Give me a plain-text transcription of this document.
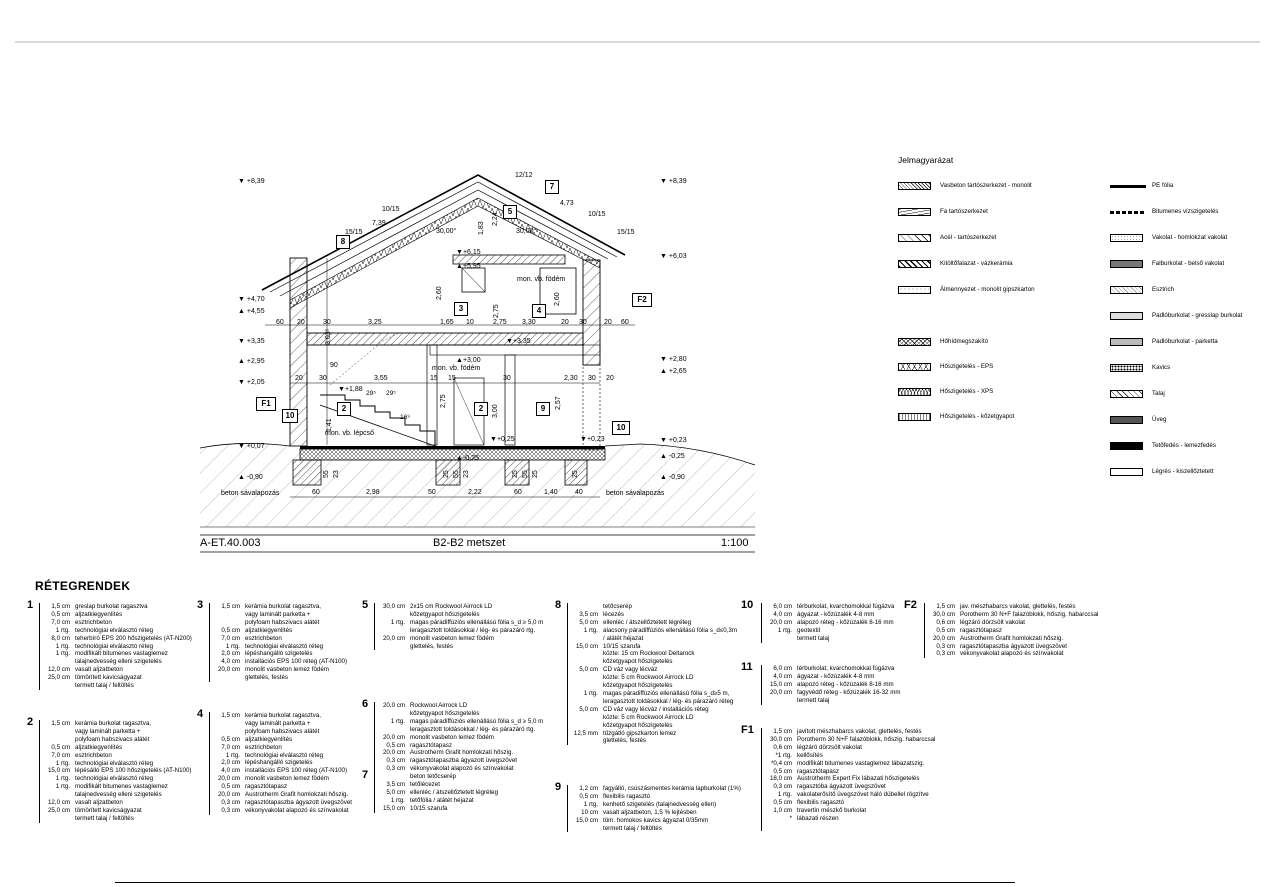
▼ +8,39
▼ +4,70
▲ +4,55
▼ +3,35
▲ +2,95
▼ +2,05
▼ +0,07
▲ -0,90
▼ +8,39
▼ +6,03
▼ +2,80
▲ +2,65
▼ +0,23
▲ -0,25
▲ -0,90
▼+6,15
▲+5,95
▼+3,35
▲+3,00
▼+1,88
▼+0,25	▼+0,23
▲-0,25
8
7
5
3	4
F2
F1
10
2	2	9
10
30,00°	30,00°
12/12
10/15
10/15
15/15	15/15
7,39
4,73
60 20	30	3,25	1,65 10	2,75 3,30	20 30 20 60
20 30	3,55	15 15	30	2,30 30 20
60	2,98	50	2,22	60	1,40 40
29⁵ 29⁵
16⁹
3,03⁵
90
1,41
2,75
3,00
2,57
2,75
2,60	2,60
2,24
1,83
55 23	25 55 23	25 55 25	25
mon. vb. födém
mon. vb. födém
mon. vb. lépcső
beton sávalapozás	beton sávalapozás
A-ET.40.003	B2-B2 metszet	1:100
Jelmagyarázat
Vasbeton tartószerkezet - monolit
Fa tartószerkezet
Acél - tartószerkezet
Kitöltőfalazat - vázkerámia
Álmennyezet - monolit gipszkarton
Hőhídmegszakító
Hőszigetelés - EPS
Hőszigetelés - XPS
Hőszigetelés - kőzetgyapot
PE fólia
Bitumenes vízszigetelés
Vakolat - homlokzat vakolat
Falburkolat - belső vakolat
Esztrich
Padlóburkolat - gresslap burkolat
Padlóburkolat - parketta
Kavics
Talaj
Üveg
Tetőfedés - lemezfedés
Légrés - kiszellőztetett
RÉTEGRENDEK
1	1,5 cm greslap burkolat ragasztva
0,5 cm aljzatkiegyenlítés
7,0 cm esztrichbeton
1 rtg. technológiai elválasztó réteg
8,0 cm teherbíró EPS 200 hőszigetelés (AT-N200)
1 rtg. technológiai elválasztó réteg
1 rtg. modifikált bitumenes vastaglemez
talajnedvesség elleni szigetelés
12,0 cm vasalt aljzatbeton
25,0 cm tömörített kavicságyazat
termett talaj / feltöltés
2	1,5 cm kerámia burkolat ragasztva,
vagy laminált parketta +
polyfoam habszivacs alátét
0,5 cm aljzatkiegyenlítés
7,0 cm esztrichbeton
1 rtg. technológiai elválasztó réteg
15,0 cm lépésálló EPS 100 hőszigetelés (AT-N100)
1 rtg. technológiai elválasztó réteg
1 rtg. modifikált bitumenes vastaglemez
talajnedvesség elleni szigetelés
12,0 cm vasalt aljzatbeton
25,0 cm tömörített kavicságyazat
termett talaj / feltöltés
3	1,5 cm kerámia burkolat ragasztva,
vagy laminált parketta +
polyfoam habszivacs alátét
0,5 cm aljzatkiegyenlítés
7,0 cm esztrichbeton
1 rtg. technológiai elválasztó réteg
2,0 cm lépéshangálló szigetelés
4,0 cm installációs EPS 100 réteg (AT-N100)
20,0 cm monolit vasbeton lemez födém
glettelés, festés
4	1,5 cm kerámia burkolat ragasztva,
vagy laminált parketta +
polyfoam habszivacs alátét
0,5 cm aljzatkiegyenlítés
7,0 cm esztrichbeton
1 rtg. technológiai elválasztó réteg
2,0 cm lépéshangálló szigetelés
4,0 cm installációs EPS 100 réteg (AT-N100)
20,0 cm monolit vasbeton lemez födém
0,5 cm ragasztótapasz
20,0 cm Austrotherm Grafit homlokzati hőszig.
0,3 cm ragasztótapaszba ágyazott üvegszövet
0,3 cm vékonyvakolat alapozó és színvakolat
5	30,0 cm 2x15 cm Rockwool Airrock LD
kőzetgyapot hőszigetelés
1 rtg. magas páradiffúziós ellenállású fólia s_d ≥ 5,0 m
leragasztott toldásokkal / lég- és párazáró rtg.
20,0 cm monolit vasbeton lemez födém
glettelés, festés
6	20,0 cm Rockwool Airrock LD
kőzetgyapot hőszigetelés
1 rtg. magas páradiffúziós ellenállású fólia s_d ≥ 5,0 m
leragasztott toldásokkal / lég- és párazáró rtg.
20,0 cm monolit vasbeton lemez födém
0,5 cm ragasztótapasz
20,0 cm Austrotherm Grafit homlokzati hőszig.
0,3 cm ragasztótapaszba ágyazott üvegszövet
0,3 cm vékonyvakolat alapozó és színvakolat
7	beton tetőcserép
3,5 cm tetőlécezet
5,0 cm ellenléc / átszellőztetett légréteg
1 rtg. tetőfólia / alátét héjazat
15,0 cm 10/15 szarufa
8	tetőcserép
3,5 cm lécezés
5,0 cm ellenléc / átszellőztetett légréteg
1 rtg. alacsony páradiffúziós ellenállású fólia s_d≤0,3m
/ alátét héjazat
15,0 cm 10/15 szarufa
közte: 15 cm Rockwool Deltarock
kőzetgyapot hőszigetelés
5,0 cm CD váz vagy lécváz
közte: 5 cm Rockwool Airrock LD
kőzetgyapot hőszigetelés
1 rtg. magas páradiffúziós ellenállású fólia s_d≥5 m,
leragasztott toldásokkal / lég- és párazáró réteg
5,0 cm CD váz vagy lécváz / installációs réteg
közte: 5 cm Rockwool Airrock LD
kőzetgyapot hőszigetelés
12,5 mm tűzgátló gipszkarton lemez
glettelés, festés
9	1,2 cm fagyálló, csúszásmentes kerámia lapburkolat (1%)
0,5 cm flexibilis ragasztó
1 rtg. kenhető szigetelés (talajnedvesség ellen)
10 cm vasalt aljzatbeton, 1,5 % lejtésben
15,0 cm töm. homokos kavics ágyazat 0/35mm
termett talaj / feltöltés
10	6,0 cm térburkolat, kvarchomokkal fúgázva
4,0 cm ágyazat - kőzúzalék 4-8 mm
20,0 cm alapozó réteg - kőzúzalék 8-16 mm
1 rtg. geotextil
termett talaj
11	6,0 cm térburkolat, kvarchomokkal fúgázva
4,0 cm ágyazat - kőzúzalék 4-8 mm
15,0 cm alapozó réteg - kőzúzalék 8-16 mm
20,0 cm fagyvédő réteg - kőzúzalék 16-32 mm
termett talaj
F1	1,5 cm javított mészhabarcs vakolat, glettelés, festés
30,0 cm Porotherm 30 N+F falazóblokk, hőszig. habarccsal
0,6 cm légzáró dörzsölt vakolat
*1 rtg. kellősítés
*0,4 cm modifikált bitumenes vastaglemez lábazatszig.
0,5 cm ragasztótapasz
18,0 cm Austrotherm Expert Fix lábazati hőszigetelés
0,3 cm ragasztóba ágyazott üvegszövet
1 rtg. vakolaterősítő üvegszövet háló dübellel rögzítve
0,5 cm flexibilis ragasztó
1,0 cm travertin mészkő burkolat
* lábazati részen
F2	1,5 cm jav. mészhabarcs vakolat, glettelés, festés
30,0 cm Porotherm 30 N+F falazóblokk, hőszig. habarccsal
0,6 cm légzáró dörzsölt vakolat
0,5 cm ragasztótapasz
20,0 cm Austrotherm Grafit homlokzati hőszig.
0,3 cm ragasztótapaszba ágyazott üvegszövet
0,3 cm vékonyvakolat alapozó és színvakolat
